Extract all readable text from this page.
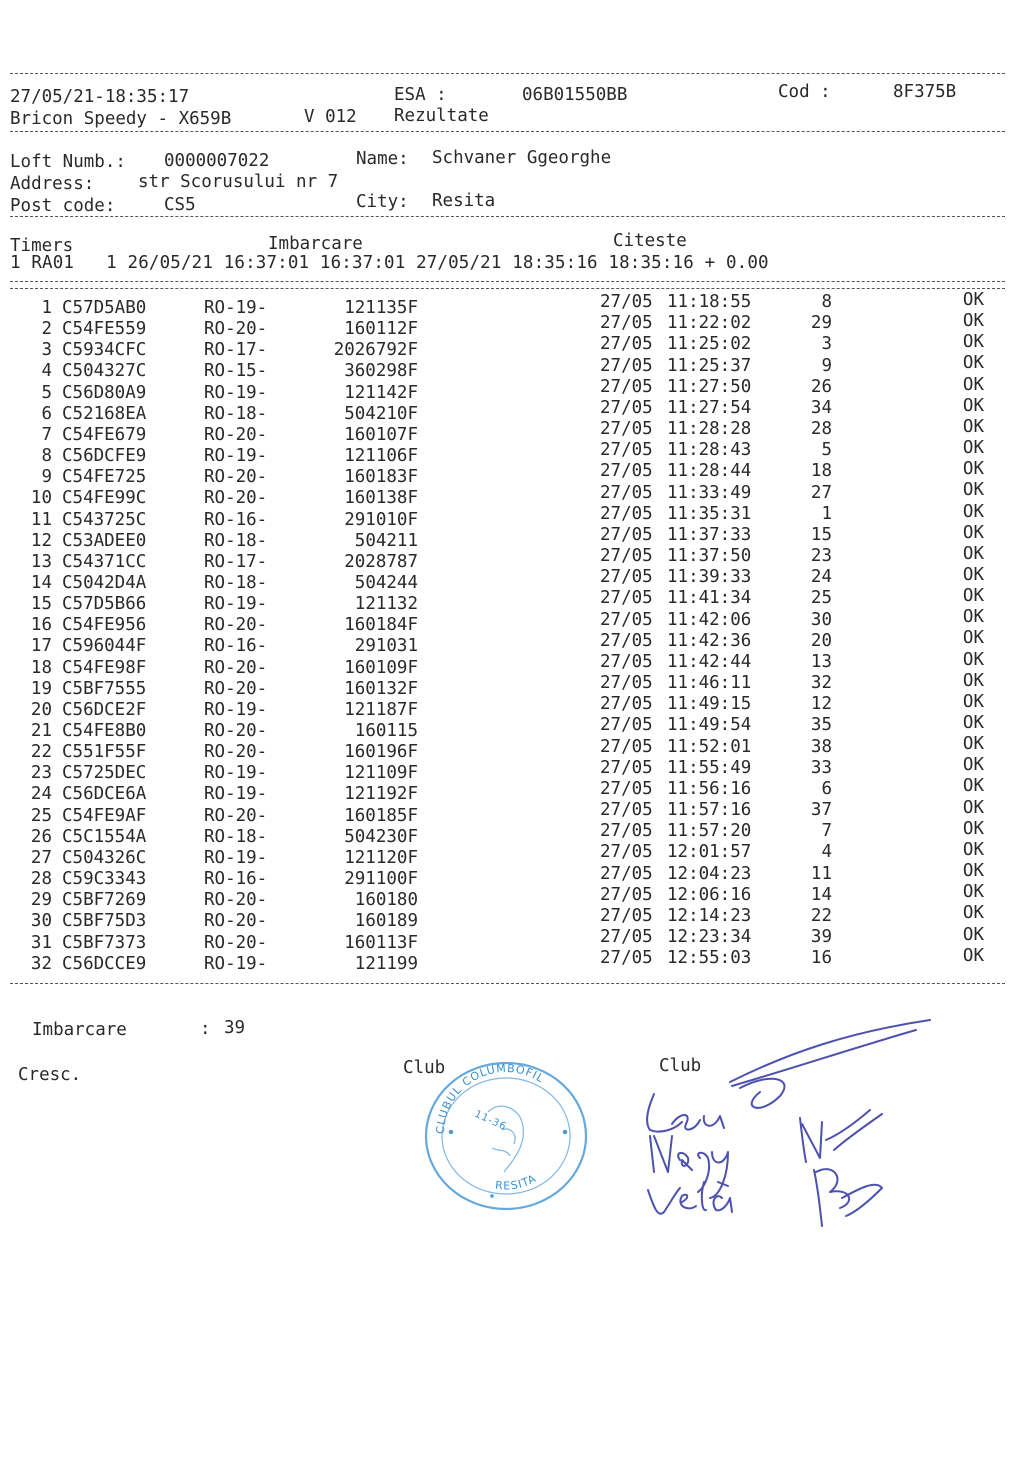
27/05/21-18:35:17	ESA :	06B01550BB	Cod :	8F375B
Bricon Speedy - X659B	V 012 Rezultate
Loft Numb.: 0000007022	Name: Schvaner Ggeorghe
Address: str Scorusului nr 7
Post code:	CS5	City: Resita
Timers	Imbarcare	Citeste
1 RA01   1 26/05/21 16:37:01 16:37:01 27/05/21 18:35:16 18:35:16 + 0.00
1 C57D5AB0	RO-19-	121135F	27/05 11:18:55	8	OK
2 C54FE559	RO-20-	160112F	27/05 11:22:02	29	OK
3 C5934CFC	RO-17-	2026792F	27/05 11:25:02	3	OK
4 C504327C	RO-15-	360298F	27/05 11:25:37	9	OK
5 C56D80A9	RO-19-	121142F	27/05 11:27:50	26	OK
6 C52168EA	RO-18-	504210F	27/05 11:27:54	34	OK
7 C54FE679	RO-20-	160107F	27/05 11:28:28	28	OK
8 C56DCFE9	RO-19-	121106F	27/05 11:28:43	5	OK
9 C54FE725	RO-20-	160183F	27/05 11:28:44	18	OK
10 C54FE99C	RO-20-	160138F	27/05 11:33:49	27	OK
11 C543725C	RO-16-	291010F	27/05 11:35:31	1	OK
12 C53ADEE0	RO-18-	504211	27/05 11:37:33	15	OK
13 C54371CC	RO-17-	2028787	27/05 11:37:50	23	OK
14 C5042D4A	RO-18-	504244	27/05 11:39:33	24	OK
15 C57D5B66	RO-19-	121132	27/05 11:41:34	25	OK
16 C54FE956	RO-20-	160184F	27/05 11:42:06	30	OK
17 C596044F	RO-16-	291031	27/05 11:42:36	20	OK
18 C54FE98F	RO-20-	160109F	27/05 11:42:44	13	OK
19 C5BF7555	RO-20-	160132F	27/05 11:46:11	32	OK
20 C56DCE2F	RO-19-	121187F	27/05 11:49:15	12	OK
21 C54FE8B0	RO-20-	160115	27/05 11:49:54	35	OK
22 C551F55F	RO-20-	160196F	27/05 11:52:01	38	OK
23 C5725DEC	RO-19-	121109F	27/05 11:55:49	33	OK
24 C56DCE6A	RO-19-	121192F	27/05 11:56:16	6	OK
25 C54FE9AF	RO-20-	160185F	27/05 11:57:16	37	OK
26 C5C1554A	RO-18-	504230F	27/05 11:57:20	7	OK
27 C504326C	RO-19-	121120F	27/05 12:01:57	4	OK
28 C59C3343	RO-16-	291100F	27/05 12:04:23	11	OK
29 C5BF7269	RO-20-	160180	27/05 12:06:16	14	OK
30 C5BF75D3	RO-20-	160189	27/05 12:14:23	22	OK
31 C5BF7373	RO-20-	160113F	27/05 12:23:34	39	OK
32 C56DCCE9	RO-19-	121199	27/05 12:55:03	16	OK
Imbarcare	: 39
Cresc.	Club	Club
CLUBUL COLUMBOFIL
RESITA
11-36
